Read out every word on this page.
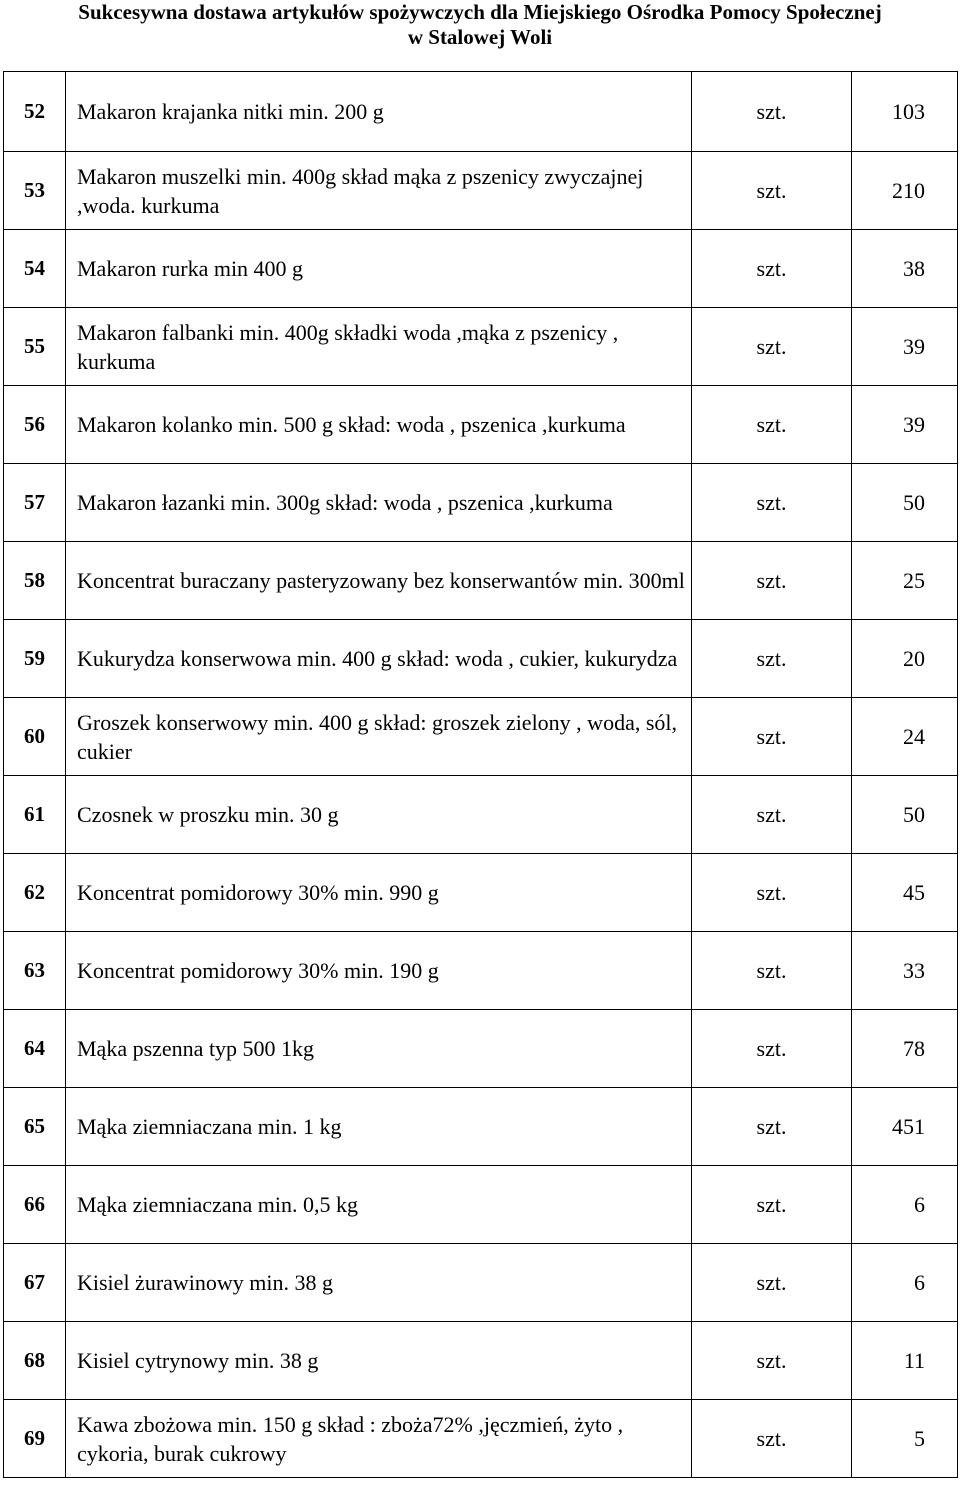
Sukcesywna dostawa artykułów spożywczych dla Miejskiego Ośrodka Pomocy Społecznej
w Stalowej Woli
52	Makaron krajanka nitki min. 200 g	szt.	103
53	Makaron muszelki min. 400g skład mąka z pszenicy zwyczajnej ,woda. kurkuma	szt.	210
54	Makaron rurka min 400 g	szt.	38
55	Makaron falbanki min. 400g składki woda ,mąka z pszenicy , kurkuma	szt.	39
56	Makaron kolanko min. 500 g skład: woda , pszenica ,kurkuma	szt.	39
57	Makaron łazanki min. 300g skład: woda , pszenica ,kurkuma	szt.	50
58	Koncentrat buraczany pasteryzowany bez konserwantów min. 300ml	szt.	25
59	Kukurydza konserwowa min. 400 g skład: woda , cukier, kukurydza	szt.	20
60	Groszek konserwowy min. 400 g skład: groszek zielony , woda, sól, cukier	szt.	24
61	Czosnek w proszku min. 30 g	szt.	50
62	Koncentrat pomidorowy 30% min. 990 g	szt.	45
63	Koncentrat pomidorowy 30% min. 190 g	szt.	33
64	Mąka pszenna typ 500 1kg	szt.	78
65	Mąka ziemniaczana min. 1 kg	szt.	451
66	Mąka ziemniaczana min. 0,5 kg	szt.	6
67	Kisiel żurawinowy min. 38 g	szt.	6
68	Kisiel cytrynowy min. 38 g	szt.	11
69	Kawa zbożowa min. 150 g skład : zboża72% ,jęczmień, żyto , cykoria, burak cukrowy	szt.	5
